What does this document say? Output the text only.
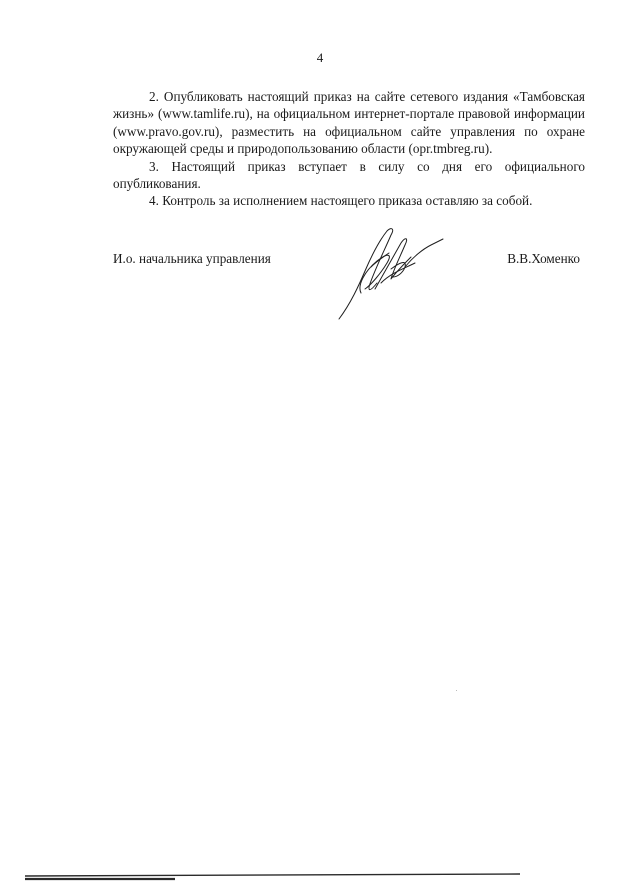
4

2. Опубликовать настоящий приказ на сайте сетевого издания «Тамбовская жизнь» (www.tamlife.ru), на официальном интернет-портале правовой информации (www.pravo.gov.ru), разместить на официальном сайте управления по охране окружающей среды и природопользованию области (opr.tmbreg.ru).

3. Настоящий приказ вступает в силу со дня его официального опубликования.

4. Контроль за исполнением настоящего приказа оставляю за собой.

И.о. начальника управления	В.В.Хоменко
